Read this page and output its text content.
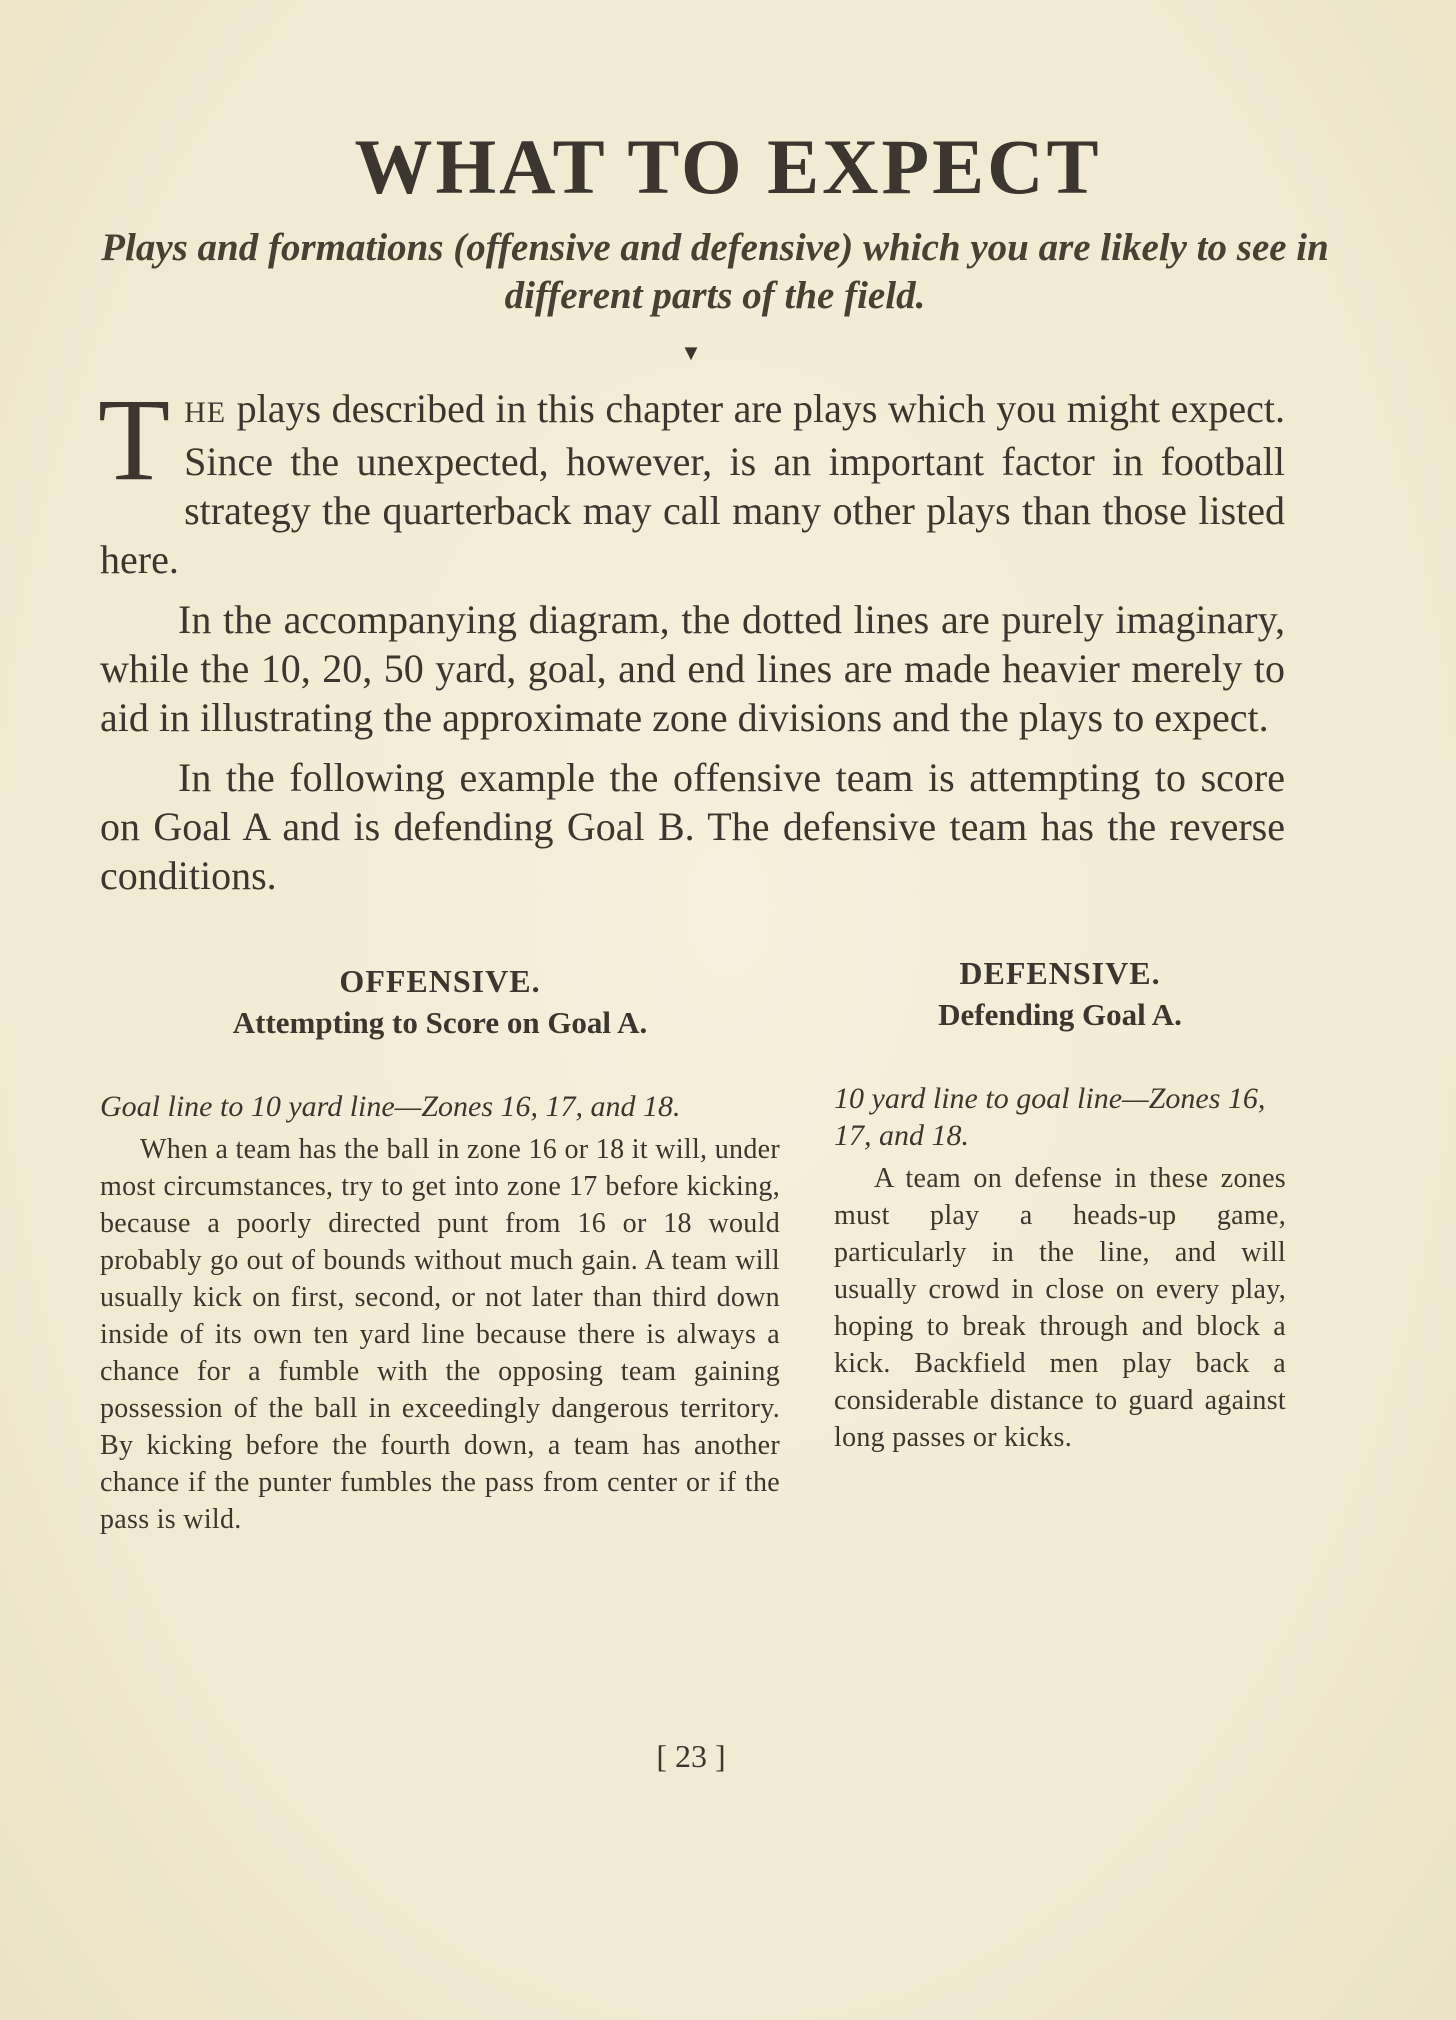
WHAT TO EXPECT
Plays and formations (offensive and defensive) which you are likely to see in different parts of the field.
▼

THE plays described in this chapter are plays which you might expect. Since the unexpected, however, is an important factor in football strategy the quarterback may call many other plays than those listed here.

In the accompanying diagram, the dotted lines are purely imaginary, while the 10, 20, 50 yard, goal, and end lines are made heavier merely to aid in illustrating the approximate zone divisions and the plays to expect.

In the following example the offensive team is attempting to score on Goal A and is defending Goal B. The defensive team has the reverse conditions.

OFFENSIVE.
Attempting to Score on Goal A.
Goal line to 10 yard line—Zones 16, 17, and 18.

When a team has the ball in zone 16 or 18 it will, under most circumstances, try to get into zone 17 before kicking, because a poorly directed punt from 16 or 18 would probably go out of bounds without much gain. A team will usually kick on first, second, or not later than third down inside of its own ten yard line because there is always a chance for a fumble with the opposing team gaining possession of the ball in exceedingly dangerous territory. By kicking before the fourth down, a team has another chance if the punter fumbles the pass from center or if the pass is wild.

DEFENSIVE.
Defending Goal A.
10 yard line to goal line—Zones 16, 17, and 18.

A team on defense in these zones must play a heads-up game, particularly in the line, and will usually crowd in close on every play, hoping to break through and block a kick. Backfield men play back a considerable distance to guard against long passes or kicks.

[ 23 ]
